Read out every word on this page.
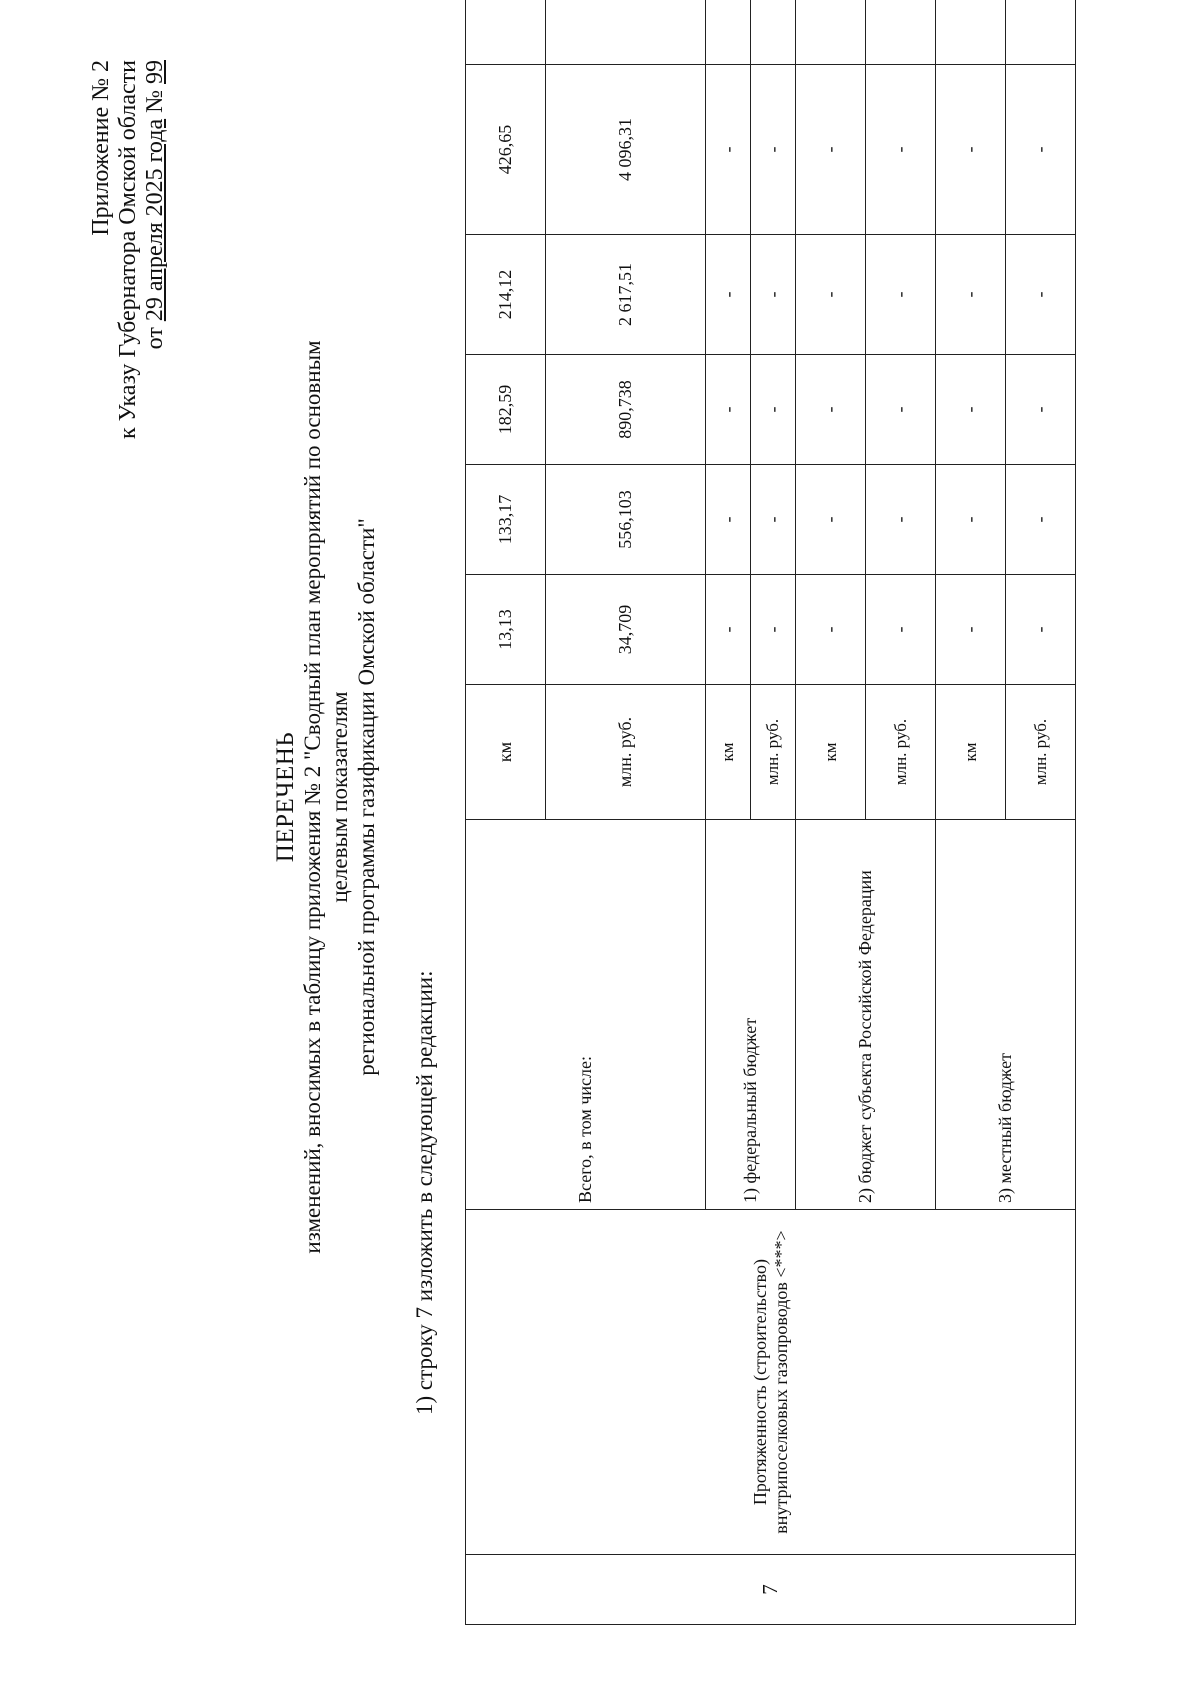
Приложение № 2 к Указу Губернатора Омской области от 29 апреля 2025 года № 99
ПЕРЕЧЕНЬ изменений, вносимых в таблицу приложения № 2 "Сводный план мероприятий по основным целевым показателям региональной программы газификации Омской области"
1) строку 7 изложить в следующей редакции:
7	Протяженность (строительство) внутрипоселковых газопроводов <***>	Всего, в том числе:	км	13,13	133,17	182,59	214,12	426,65	
			млн. руб.	34,709	556,103	890,738	2 617,51	4 096,31	
		1) федеральный бюджет	км	-	-	-	-	-	
			млн. руб.	-	-	-	-	-	
		2) бюджет субъекта Российской Федерации	км	-	-	-	-	-	
			млн. руб.	-	-	-	-	-	
		3) местный бюджет	км	-	-	-	-	-	
			млн. руб.	-	-	-	-	-	
